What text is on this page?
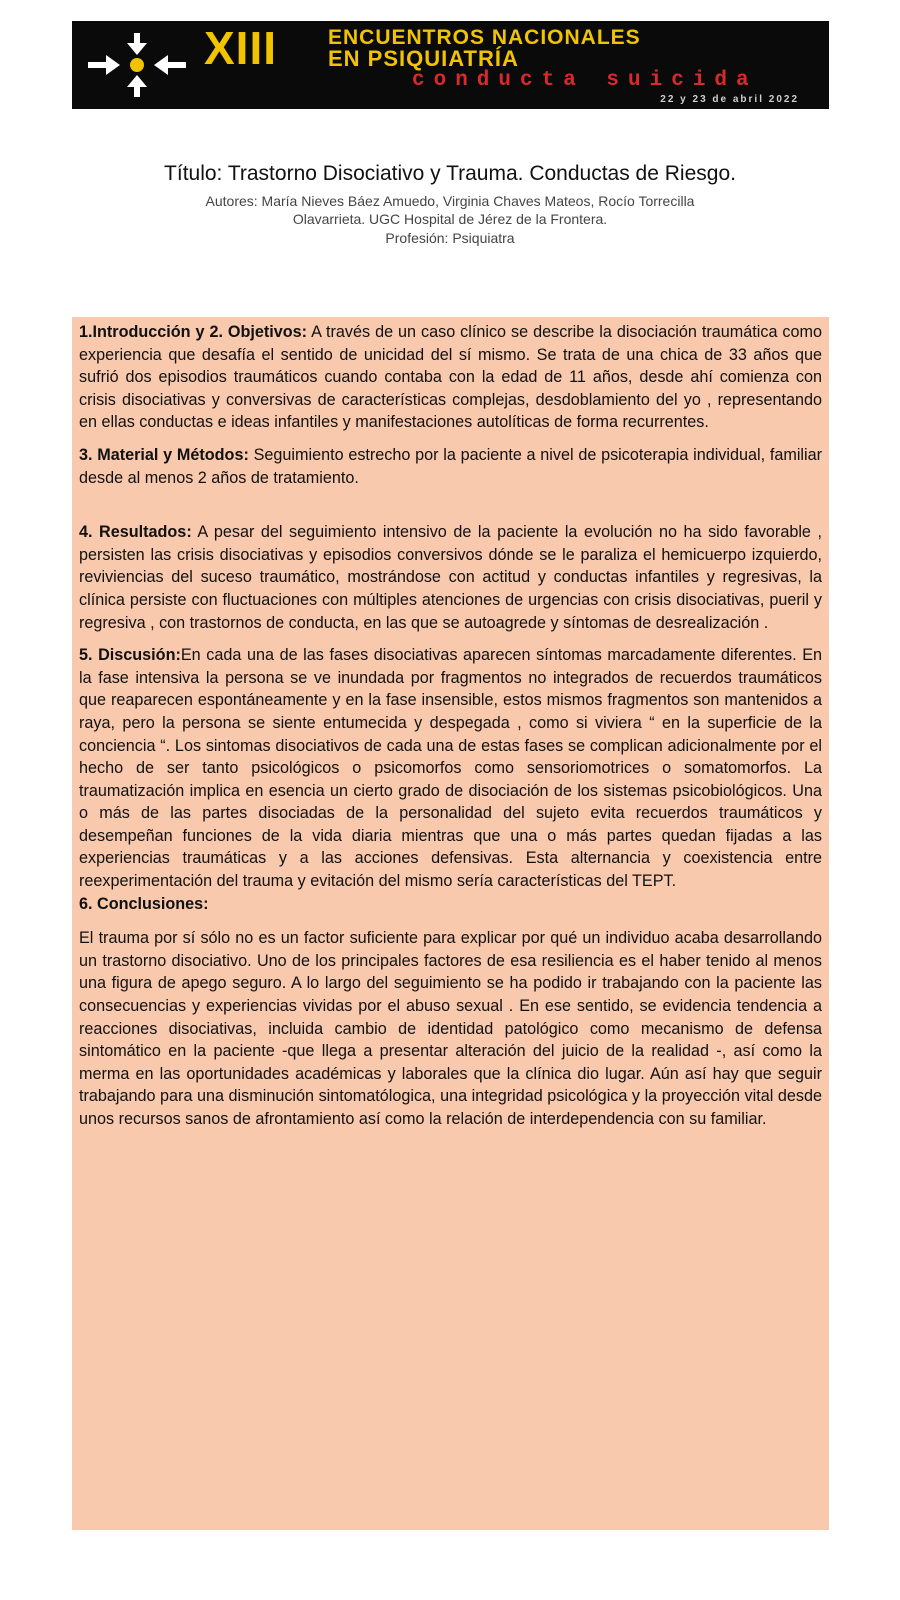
XIII ENCUENTROS NACIONALES
EN PSIQUIATRÍA
conducta suicida
22 y 23 de abril 2022
Título: Trastorno Disociativo y Trauma. Conductas de Riesgo.
Autores: María Nieves Báez Amuedo, Virginia Chaves Mateos, Rocío Torrecilla Olavarrieta. UGC Hospital de Jérez de la Frontera.
Profesión: Psiquiatra

1.Introducción y 2. Objetivos: A través de un caso clínico se describe la disociación traumática como experiencia que desafía el sentido de unicidad del sí mismo. Se trata de una chica de 33 años que sufrió dos episodios traumáticos cuando contaba con la edad de 11 años, desde ahí comienza con crisis disociativas y conversivas de características complejas, desdoblamiento del yo , representando en ellas conductas e ideas infantiles y manifestaciones autolíticas de forma recurrentes.

3. Material y Métodos: Seguimiento estrecho por la paciente a nivel de psicoterapia individual, familiar desde al menos 2 años de tratamiento.

4. Resultados: A pesar del seguimiento intensivo de la paciente la evolución no ha sido favorable , persisten las crisis disociativas y episodios conversivos dónde se le paraliza el hemicuerpo izquierdo, reviviencias del suceso traumático, mostrándose con actitud y conductas infantiles y regresivas, la clínica persiste con fluctuaciones con múltiples atenciones de urgencias con crisis disociativas, pueril y regresiva , con trastornos de conducta, en las que se autoagrede y síntomas de desrealización .

5. Discusión:En cada una de las fases disociativas aparecen síntomas marcadamente diferentes. En la fase intensiva la persona se ve inundada por fragmentos no integrados de recuerdos traumáticos que reaparecen espontáneamente y en la fase insensible, estos mismos fragmentos son mantenidos a raya, pero la persona se siente entumecida y despegada , como si viviera “ en la superficie de la conciencia “. Los sintomas disociativos de cada una de estas fases se complican adicionalmente por el hecho de ser tanto psicológicos o psicomorfos como sensoriomotrices o somatomorfos. La traumatización implica en esencia un cierto grado de disociación de los sistemas psicobiológicos. Una o más de las partes disociadas de la personalidad del sujeto evita recuerdos traumáticos y desempeñan funciones de la vida diaria mientras que una o más partes quedan fijadas a las experiencias traumáticas y a las acciones defensivas. Esta alternancia y coexistencia entre reexperimentación del trauma y evitación del mismo sería características del TEPT.

6. Conclusiones:

El trauma por sí sólo no es un factor suficiente para explicar por qué un individuo acaba desarrollando un trastorno disociativo. Uno de los principales factores de esa resiliencia es el haber tenido al menos una figura de apego seguro. A lo largo del seguimiento se ha podido ir trabajando con la paciente las consecuencias y experiencias vividas por el abuso sexual . En ese sentido, se evidencia tendencia a reacciones disociativas, incluida cambio de identidad patológico como mecanismo de defensa sintomático en la paciente -que llega a presentar alteración del juicio de la realidad -, así como la merma en las oportunidades académicas y laborales que la clínica dio lugar. Aún así hay que seguir trabajando para una disminución sintomatólogica, una integridad psicológica y la proyección vital desde unos recursos sanos de afrontamiento así como la relación de interdependencia con su familiar.
